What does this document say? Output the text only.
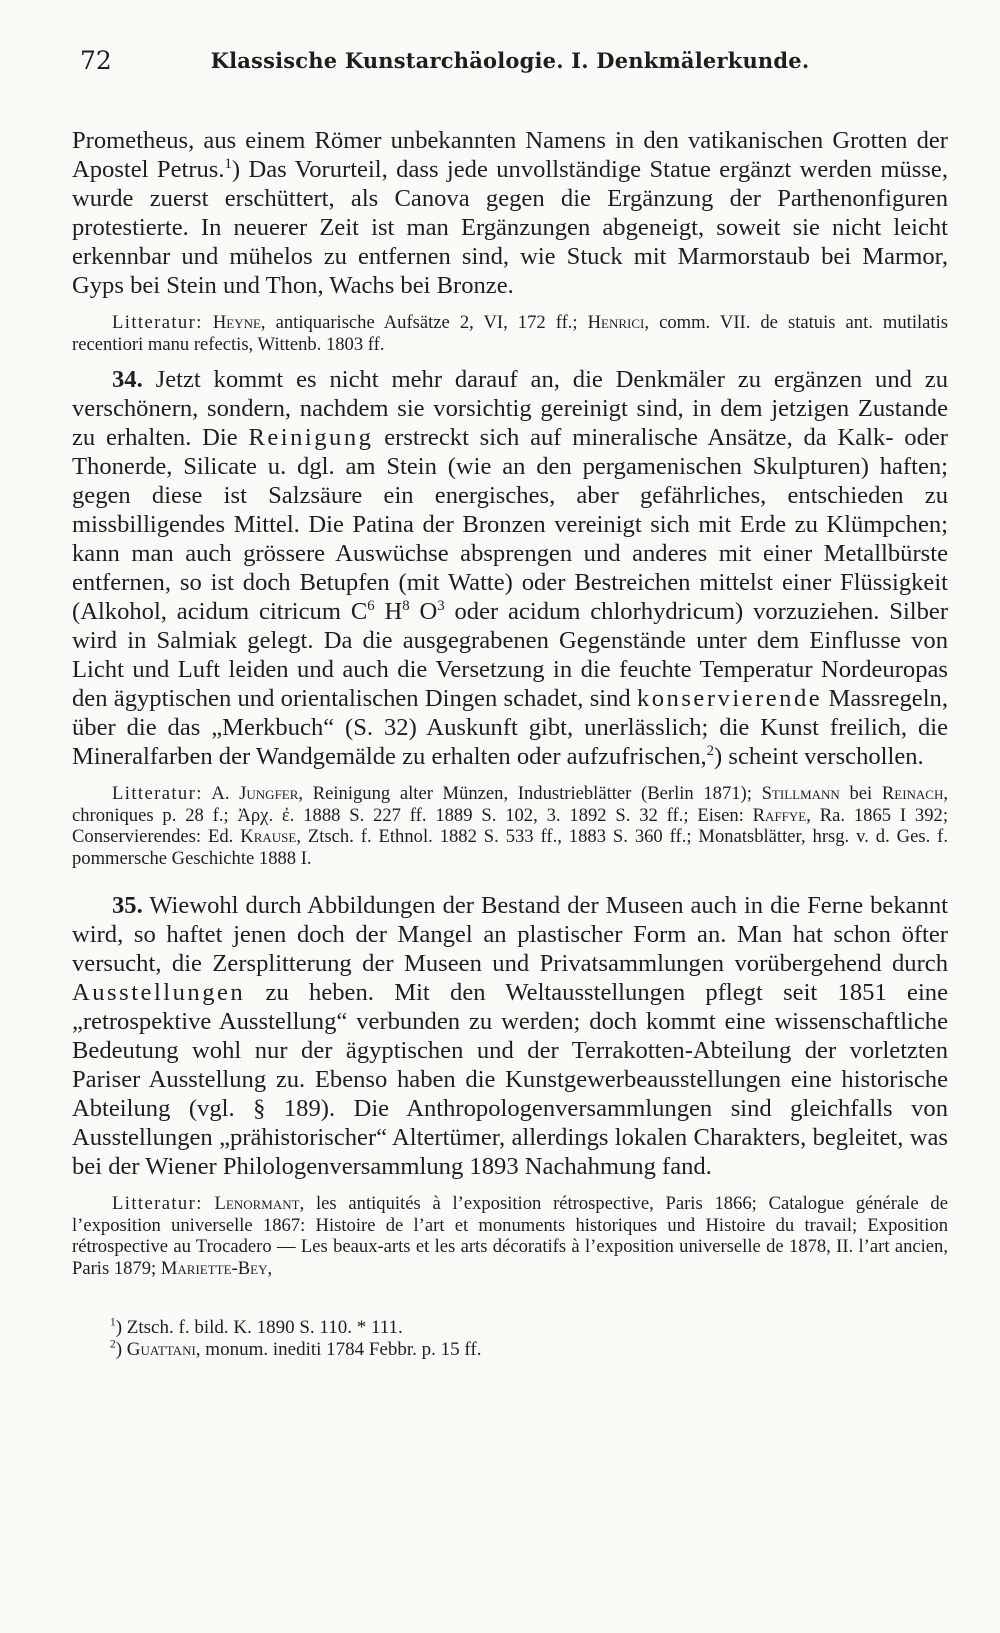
72	Klassische Kunstarchäologie. I. Denkmälerkunde.

Prometheus, aus einem Römer unbekannten Namens in den vatikanischen Grotten der Apostel Petrus.$^1$) Das Vorurteil, dass jede unvollständige Statue ergänzt werden müsse, wurde zuerst erschüttert, als Canova gegen die Ergänzung der Parthenonfiguren protestierte. In neuerer Zeit ist man Ergänzungen abgeneigt, soweit sie nicht leicht erkennbar und mühelos zu entfernen sind, wie Stuck mit Marmorstaub bei Marmor, Gyps bei Stein und Thon, Wachs bei Bronze.

Litteratur: Heyne, antiquarische Aufsätze 2, VI, 172 ff.; Henrici, comm. VII. de statuis ant. mutilatis recentiori manu refectis, Wittenb. 1803 ff.

34. Jetzt kommt es nicht mehr darauf an, die Denkmäler zu ergänzen und zu verschönern, sondern, nachdem sie vorsichtig gereinigt sind, in dem jetzigen Zustande zu erhalten. Die Reinigung erstreckt sich auf mineralische Ansätze, da Kalk- oder Thonerde, Silicate u. dgl. am Stein (wie an den pergamenischen Skulpturen) haften; gegen diese ist Salzsäure ein energisches, aber gefährliches, entschieden zu missbilligendes Mittel. Die Patina der Bronzen vereinigt sich mit Erde zu Klümpchen; kann man auch grössere Auswüchse absprengen und anderes mit einer Metallbürste entfernen, so ist doch Betupfen (mit Watte) oder Bestreichen mittelst einer Flüssigkeit (Alkohol, acidum citricum $C^6$ $H^8$ $O^3$ oder acidum chlorhydricum) vorzuziehen. Silber wird in Salmiak gelegt. Da die ausgegrabenen Gegenstände unter dem Einflusse von Licht und Luft leiden und auch die Versetzung in die feuchte Temperatur Nordeuropas den ägyptischen und orientalischen Dingen schadet, sind konservierende Massregeln, über die das „Merkbuch“ (S. 32) Auskunft gibt, unerlässlich; die Kunst freilich, die Mineralfarben der Wandgemälde zu erhalten oder aufzufrischen,$^2$) scheint verschollen.

Litteratur: A. Jungfer, Reinigung alter Münzen, Industrieblätter (Berlin 1871); Stillmann bei Reinach, chroniques p. 28 f.; Ἀρχ. ἐ. 1888 S. 227 ff. 1889 S. 102, 3. 1892 S. 32 ff.; Eisen: Raffye, Ra. 1865 I 392; Conservierendes: Ed. Krause, Ztsch. f. Ethnol. 1882 S. 533 ff., 1883 S. 360 ff.; Monatsblätter, hrsg. v. d. Ges. f. pommersche Geschichte 1888 I.

35. Wiewohl durch Abbildungen der Bestand der Museen auch in die Ferne bekannt wird, so haftet jenen doch der Mangel an plastischer Form an. Man hat schon öfter versucht, die Zersplitterung der Museen und Privatsammlungen vorübergehend durch Ausstellungen zu heben. Mit den Weltausstellungen pflegt seit 1851 eine „retrospektive Ausstellung“ verbunden zu werden; doch kommt eine wissenschaftliche Bedeutung wohl nur der ägyptischen und der Terrakotten-Abteilung der vorletzten Pariser Ausstellung zu. Ebenso haben die Kunstgewerbeausstellungen eine historische Abteilung (vgl. § 189). Die Anthropologenversammlungen sind gleichfalls von Ausstellungen „prähistorischer“ Altertümer, allerdings lokalen Charakters, begleitet, was bei der Wiener Philologenversammlung 1893 Nachahmung fand.

Litteratur: Lenormant, les antiquités à l’exposition rétrospective, Paris 1866; Catalogue générale de l’exposition universelle 1867: Histoire de l’art et monuments historiques und Histoire du travail; Exposition rétrospective au Trocadero — Les beaux-arts et les arts décoratifs à l’exposition universelle de 1878, II. l’art ancien, Paris 1879; Mariette-Bey,

$^1$) Ztsch. f. bild. K. 1890 S. 110. * 111.
$^2$) Guattani, monum. inediti 1784 Febbr. p. 15 ff.
